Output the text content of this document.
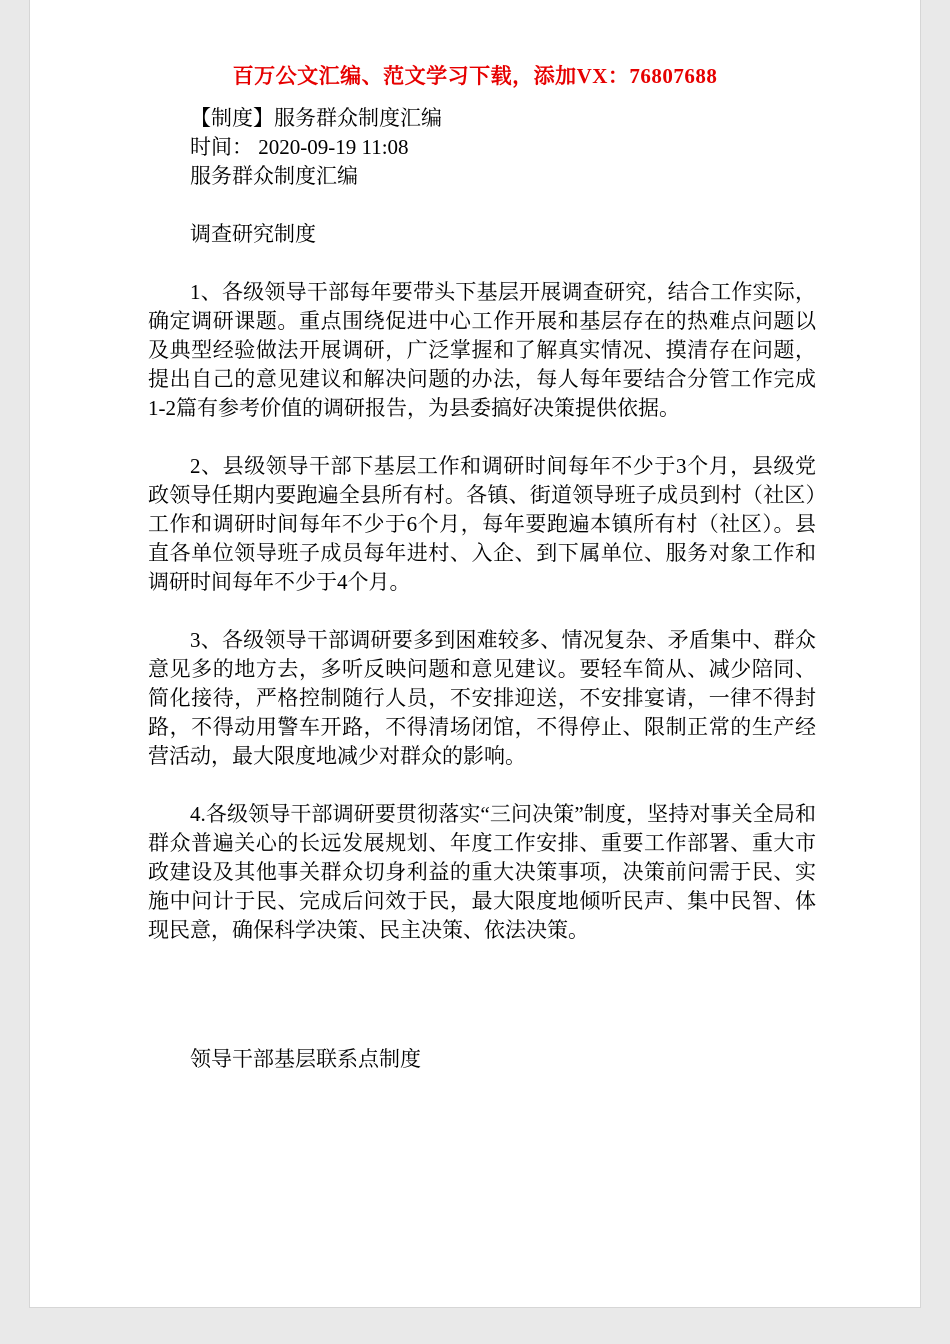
百万公文汇编、范文学习下载，添加VX：76807688

【制度】服务群众制度汇编

时间： 2020-09-19 11:08

服务群众制度汇编

调查研究制度

1、各级领导干部每年要带头下基层开展调查研究，结合工作实际，确定调研课题。重点围绕促进中心工作开展和基层存在的热难点问题以及典型经验做法开展调研，广泛掌握和了解真实情况、摸清存在问题，提出自己的意见建议和解决问题的办法，每人每年要结合分管工作完成1-2篇有参考价值的调研报告，为县委搞好决策提供依据。

2、县级领导干部下基层工作和调研时间每年不少于3个月，县级党政领导任期内要跑遍全县所有村。各镇、街道领导班子成员到村（社区）工作和调研时间每年不少于6个月，每年要跑遍本镇所有村（社区）。县直各单位领导班子成员每年进村、入企、到下属单位、服务对象工作和调研时间每年不少于4个月。

3、各级领导干部调研要多到困难较多、情况复杂、矛盾集中、群众意见多的地方去，多听反映问题和意见建议。要轻车简从、减少陪同、简化接待，严格控制随行人员，不安排迎送，不安排宴请，一律不得封路，不得动用警车开路，不得清场闭馆，不得停止、限制正常的生产经营活动，最大限度地减少对群众的影响。

4.各级领导干部调研要贯彻落实“三问决策”制度，坚持对事关全局和群众普遍关心的长远发展规划、年度工作安排、重要工作部署、重大市政建设及其他事关群众切身利益的重大决策事项，决策前问需于民、实施中问计于民、完成后问效于民，最大限度地倾听民声、集中民智、体现民意，确保科学决策、民主决策、依法决策。

领导干部基层联系点制度
